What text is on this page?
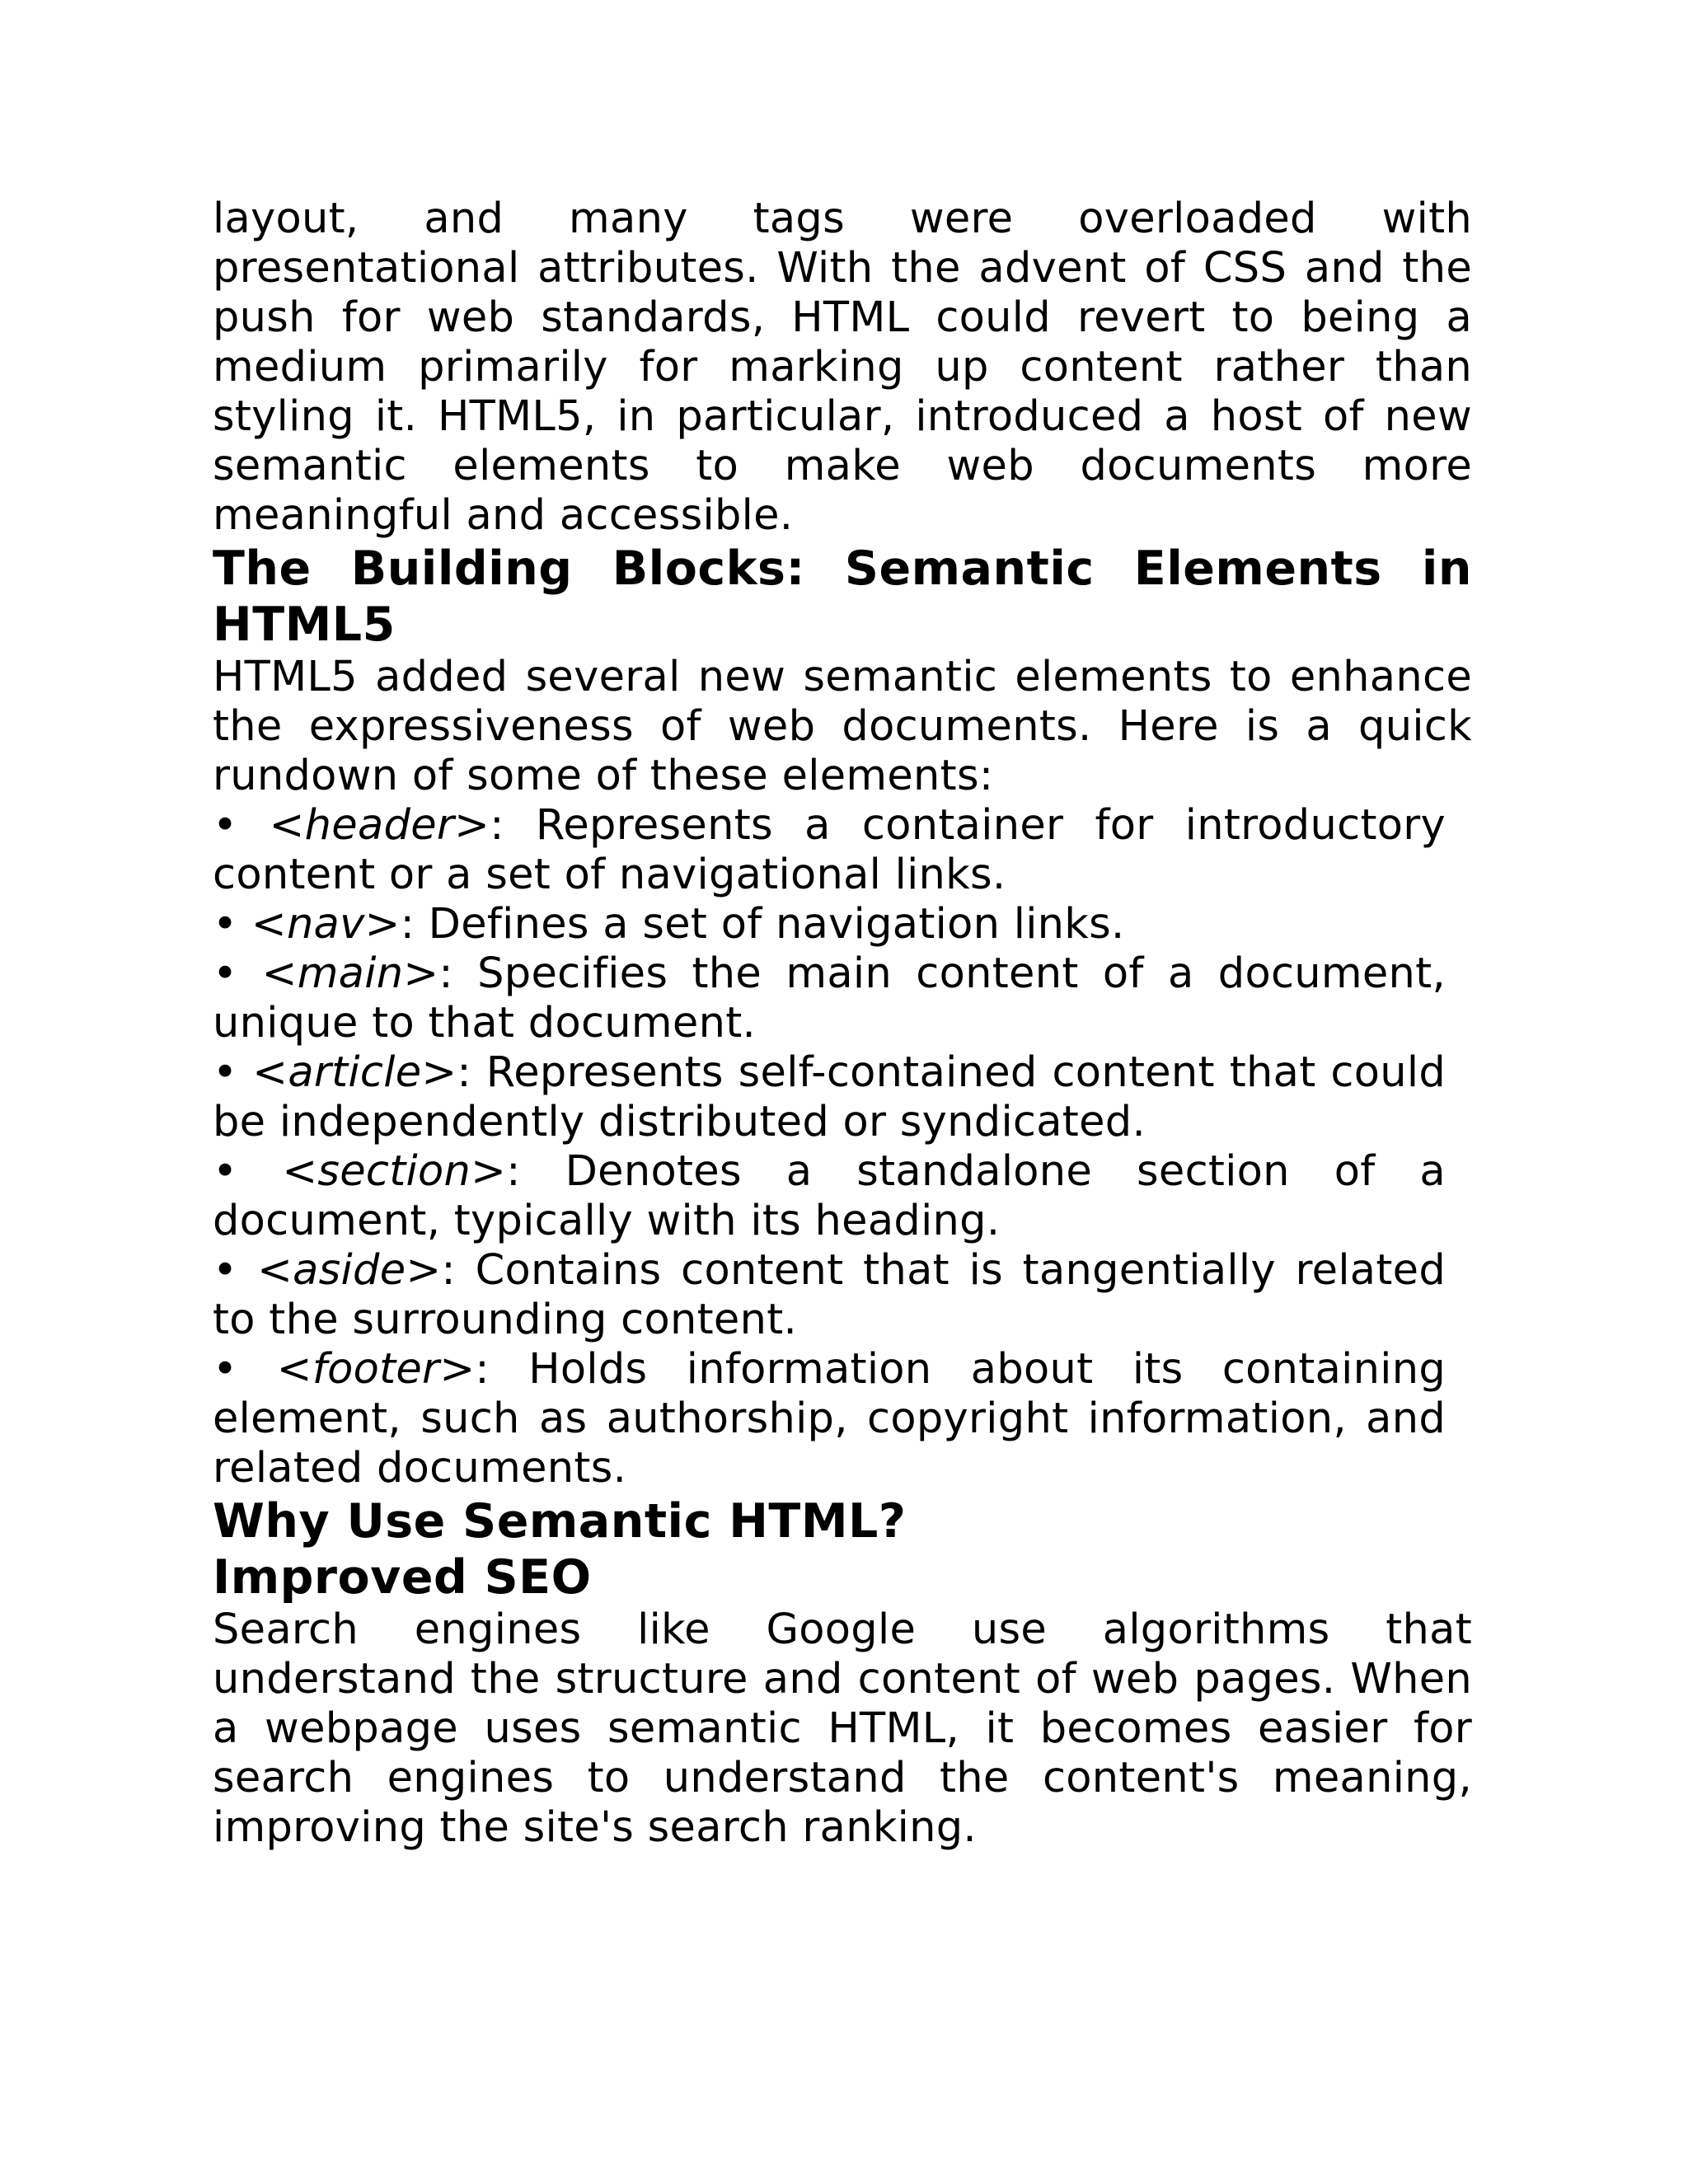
layout, and many tags were overloaded with presentational attributes. With the advent of CSS and the push for web standards, HTML could revert to being a medium primarily for marking up content rather than styling it. HTML5, in particular, introduced a host of new semantic elements to make web documents more meaningful and accessible.

The Building Blocks: Semantic Elements in HTML5

HTML5 added several new semantic elements to enhance the expressiveness of web documents. Here is a quick rundown of some of these elements:

• <header>: Represents a container for introductory content or a set of navigational links.
• <nav>: Defines a set of navigation links.
• <main>: Specifies the main content of a document, unique to that document.
• <article>: Represents self-contained content that could be independently distributed or syndicated.
• <section>: Denotes a standalone section of a document, typically with its heading.
• <aside>: Contains content that is tangentially related to the surrounding content.
• <footer>: Holds information about its containing element, such as authorship, copyright information, and related documents.
Why Use Semantic HTML?
Improved SEO

Search engines like Google use algorithms that understand the structure and content of web pages. When a webpage uses semantic HTML, it becomes easier for search engines to understand the content's meaning, improving the site's search ranking.
